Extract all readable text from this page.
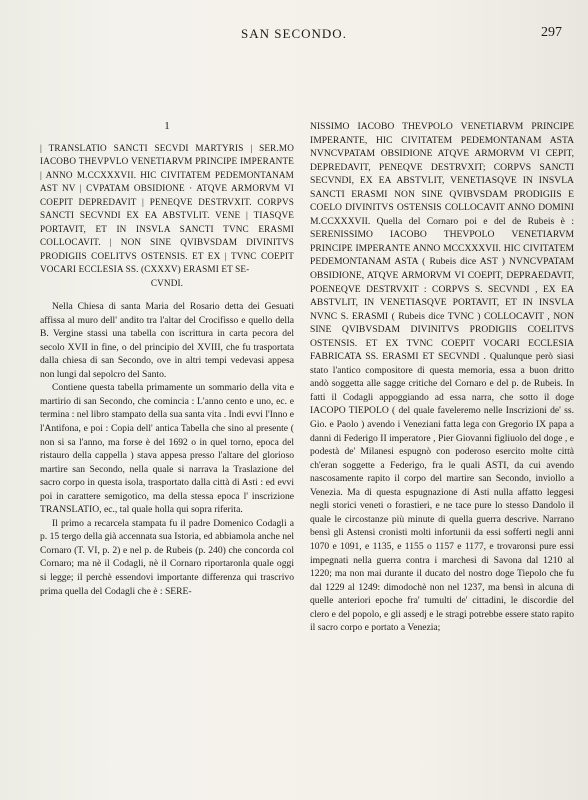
SAN SECONDO.	297
1

| TRANSLATIO SANCTI SECVDI MARTYRIS | SER.MO IACOBO THEVPVLO VENETIARVM PRINCIPE IMPERANTE | ANNO M.CCXXXVII. HIC CIVITATEM PEDEMONTANAM AST NV | CVPATAM OBSIDIONE · ATQVE ARMORVM VI COEPIT DEPREDAVIT | PENEQVE DESTRVXIT. CORPVS SANCTI SECVNDI EX EA ABSTVLIT. VENE | TIASQVE PORTAVIT, ET IN INSVLA SANCTI TVNC ERASMI COLLOCAVIT. | NON SINE QVIBVSDAM DIVINITVS PRODIGIIS COELITVS OSTENSIS. ET EX | TVNC COEPIT VOCARI ECCLESIA SS. (CXXXV) ERASMI ET SE-

CVNDI.

Nella Chiesa di santa Maria del Rosario detta dei Gesuati affissa al muro dell' andito tra l'altar del Crocifisso e quello della B. Vergine stassi una tabella con iscrittura in carta pecora del secolo XVII in fine, o del principio del XVIII, che fu trasportata dalla chiesa di san Secondo, ove in altri tempi vedevasi appesa non lungi dal sepolcro del Santo.

Contiene questa tabella primamente un sommario della vita e martirio di san Secondo, che comincia : L'anno cento e uno, ec. e termina : nel libro stampato della sua santa vita . Indi evvi l'Inno e l'Antifona, e poi : Copia dell' antica Tabella che sino al presente ( non si sa l'anno, ma forse è del 1692 o in quel torno, epoca del ristauro della cappella ) stava appesa presso l'altare del glorioso martire san Secondo, nella quale si narrava la Traslazione del sacro corpo in questa isola, trasportato dalla città di Asti : ed evvi poi in carattere semigotico, ma della stessa epoca l' inscrizione TRANSLATIO, ec., tal quale holla qui sopra riferita.

Il primo a recarcela stampata fu il padre Domenico Codagli a p. 15 tergo della già accennata sua Istoria, ed abbiamola anche nel Cornaro (T. VI, p. 2) e nel p. de Rubeis (p. 240) che concorda col Cornaro; ma nè il Codagli, nè il Cornaro riportaronla quale oggi si legge; il perchè essendovi importante differenza qui trascrivo prima quella del Codagli che è : SERE-

NISSIMO IACOBO THEVPOLO VENETIARVM PRINCIPE IMPERANTE, HIC CIVITATEM PEDEMONTANAM ASTA NVNCVPATAM OBSIDIONE ATQVE ARMORVM VI CEPIT, DEPREDAVIT, PENEQVE DESTRVXIT; CORPVS SANCTI SECVNDI, EX EA ABSTVLIT, VENETIASQVE IN INSVLA SANCTI ERASMI NON SINE QVIBVSDAM PRODIGIIS E COELO DIVINITVS OSTENSIS COLLOCAVIT ANNO DOMINI M.CCXXXVII. Quella del Cornaro poi e del de Rubeis è : SERENISSIMO IACOBO THEVPOLO VENETIARVM PRINCIPE IMPERANTE ANNO MCCXXXVII. HIC CIVITATEM PEDEMONTANAM ASTA ( Rubeis dice AST ) NVNCVPATAM OBSIDIONE, ATQVE ARMORVM VI COEPIT, DEPRAEDAVIT, POENEQVE DESTRVXIT : CORPVS S. SECVNDI , EX EA ABSTVLIT, IN VENETIASQVE PORTAVIT, ET IN INSVLA NVNC S. ERASMI ( Rubeis dice TVNC ) COLLOCAVIT , NON SINE QVIBVSDAM DIVINITVS PRODIGIIS COELITVS OSTENSIS. ET EX TVNC COEPIT VOCARI ECCLESIA FABRICATA SS. ERASMI ET SECVNDI . Qualunque però siasi stato l'antico compositore di questa memoria, essa a buon dritto andò soggetta alle sagge critiche del Cornaro e del p. de Rubeis. In fatti il Codagli appoggiando ad essa narra, che sotto il doge IACOPO TIEPOLO ( del quale faveleremo nelle Inscrizioni de' ss. Gio. e Paolo ) avendo i Veneziani fatta lega con Gregorio IX papa a danni di Federigo II imperatore , Pier Giovanni figliuolo del doge , e podestà de' Milanesi espugnò con poderoso esercito molte città ch'eran soggette a Federigo, fra le quali ASTI, da cui avendo nascosamente rapito il corpo del martire san Secondo, inviollo a Venezia. Ma di questa espugnazione di Asti nulla affatto leggesi negli storici veneti o forastieri, e ne tace pure lo stesso Dandolo il quale le circostanze più minute di quella guerra descrive. Narrano bensì gli Astensi cronisti molti infortunii da essi sofferti negli anni 1070 e 1091, e 1135, e 1155 o 1157 e 1177, e trovaronsi pure essi impegnati nella guerra contra i marchesi di Savona dal 1210 al 1220; ma non mai durante il ducato del nostro doge Tiepolo che fu dal 1229 al 1249: dimodochè non nel 1237, ma bensì in alcuna di quelle anteriori epoche fra' tumulti de' cittadini, le discordie del clero e del popolo, e gli assedj e le stragi potrebbe essere stato rapito il sacro corpo e portato a Venezia;
